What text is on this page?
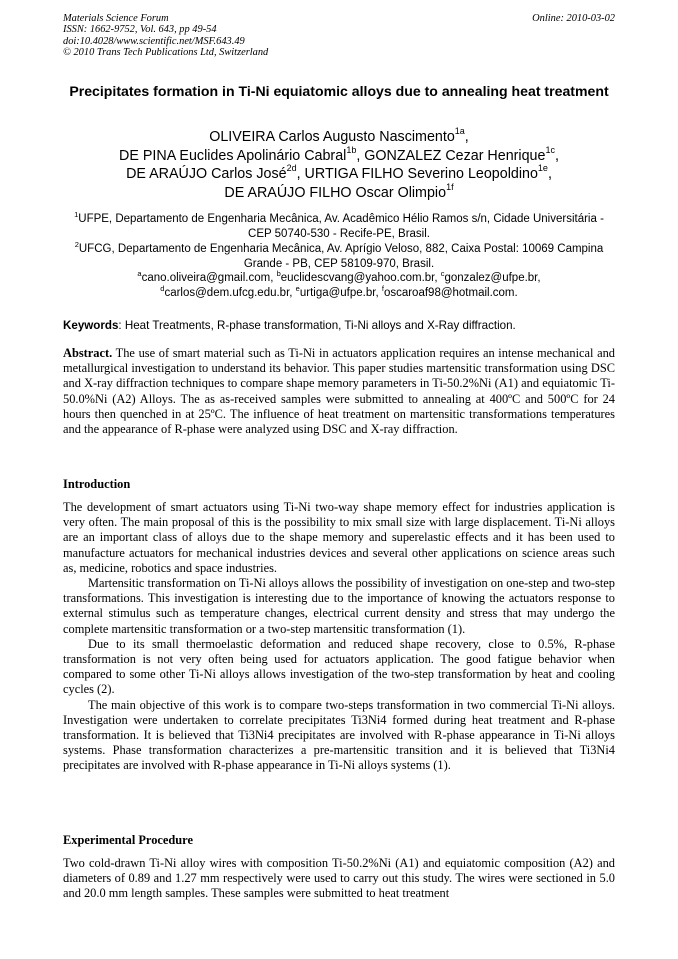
Materials Science Forum
ISSN: 1662-9752, Vol. 643, pp 49-54
doi:10.4028/www.scientific.net/MSF.643.49
© 2010 Trans Tech Publications Ltd, Switzerland
Online: 2010-03-02
Precipitates formation in Ti-Ni equiatomic alloys due to annealing heat treatment
OLIVEIRA Carlos Augusto Nascimento$^{1a}$,
DE PINA Euclides Apolinário Cabral$^{1b}$, GONZALEZ Cezar Henrique$^{1c}$,
DE ARAÚJO Carlos José$^{2d}$, URTIGA FILHO Severino Leopoldino$^{1e}$,
DE ARAÚJO FILHO Oscar Olimpio$^{1f}$
$^1$UFPE, Departamento de Engenharia Mecânica, Av. Acadêmico Hélio Ramos s/n, Cidade Universitária - CEP 50740-530 - Recife-PE, Brasil.
$^2$UFCG, Departamento de Engenharia Mecânica, Av. Aprígio Veloso, 882, Caixa Postal: 10069 Campina Grande - PB, CEP 58109-970, Brasil.
$^a$cano.oliveira@gmail.com, $^b$euclidescvang@yahoo.com.br, $^c$gonzalez@ufpe.br,
$^d$carlos@dem.ufcg.edu.br, $^e$urtiga@ufpe.br, $^f$oscaroaf98@hotmail.com.
Keywords: Heat Treatments, R-phase transformation, Ti-Ni alloys and X-Ray diffraction.
Abstract. The use of smart material such as Ti-Ni in actuators application requires an intense mechanical and metallurgical investigation to understand its behavior. This paper studies martensitic transformation using DSC and X-ray diffraction techniques to compare shape memory parameters in Ti-50.2%Ni (A1) and equiatomic Ti-50.0%Ni (A2) Alloys. The as as-received samples were submitted to annealing at 400ºC and 500ºC for 24 hours then quenched in at 25ºC. The influence of heat treatment on martensitic transformations temperatures and the appearance of R-phase were analyzed using DSC and X-ray diffraction.
Introduction

The development of smart actuators using Ti-Ni two-way shape memory effect for industries application is very often. The main proposal of this is the possibility to mix small size with large displacement. Ti-Ni alloys are an important class of alloys due to the shape memory and superelastic effects and it has been used to manufacture actuators for mechanical industries devices and several other applications on science areas such as, medicine, robotics and space industries.

Martensitic transformation on Ti-Ni alloys allows the possibility of investigation on one-step and two-step transformations. This investigation is interesting due to the importance of knowing the actuators response to external stimulus such as temperature changes, electrical current density and stress that may undergo the complete martensitic transformation or a two-step martensitic transformation (1).

Due to its small thermoelastic deformation and reduced shape recovery, close to 0.5%, R-phase transformation is not very often being used for actuators application. The good fatigue behavior when compared to some other Ti-Ni alloys allows investigation of the two-step transformation by heat and cooling cycles (2).

The main objective of this work is to compare two-steps transformation in two commercial Ti-Ni alloys. Investigation were undertaken to correlate precipitates Ti3Ni4 formed during heat treatment and R-phase transformation. It is believed that Ti3Ni4 precipitates are involved with R-phase appearance in Ti-Ni alloys systems. Phase transformation characterizes a pre-martensitic transition and it is believed that Ti3Ni4 precipitates are involved with R-phase appearance in Ti-Ni alloys systems (1).

Experimental Procedure

Two cold-drawn Ti-Ni alloy wires with composition Ti-50.2%Ni (A1) and equiatomic composition (A2) and diameters of 0.89 and 1.27 mm respectively were used to carry out this study. The wires were sectioned in 5.0 and 20.0 mm length samples. These samples were submitted to heat treatment
